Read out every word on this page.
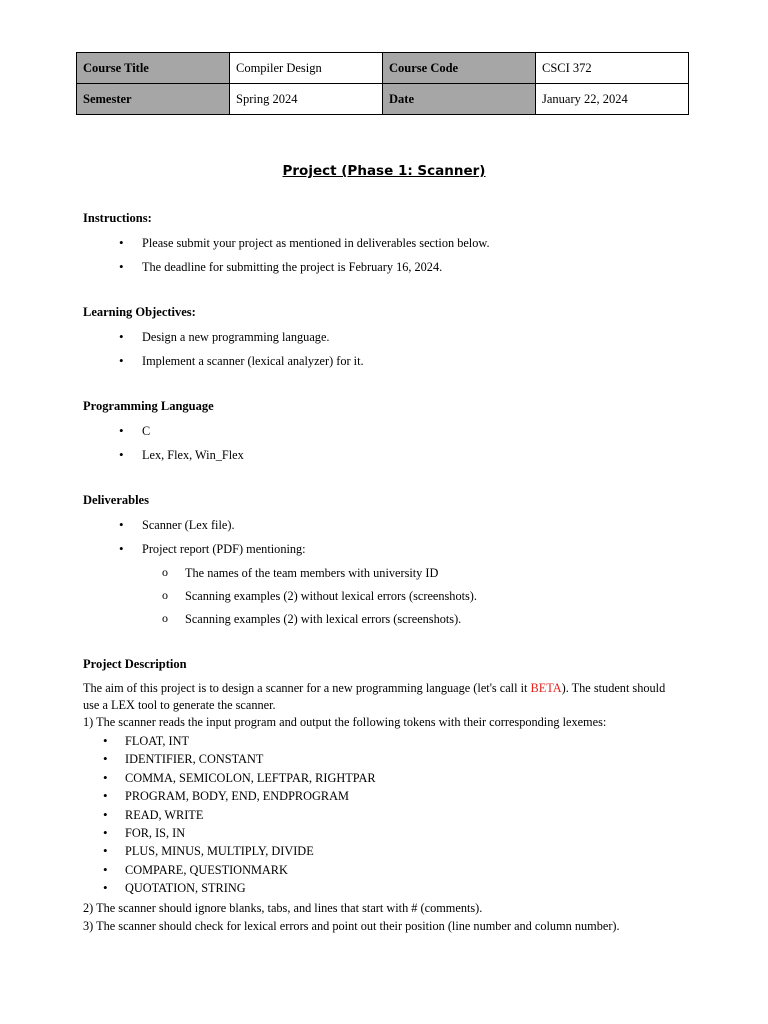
Course Title	Compiler Design	Course Code	CSCI 372
Semester	Spring 2024	Date	January 22, 2024
Project (Phase 1: Scanner)
Instructions:
• Please submit your project as mentioned in deliverables section below.
• The deadline for submitting the project is February 16, 2024.
Learning Objectives:
• Design a new programming language.
• Implement a scanner (lexical analyzer) for it.
Programming Language
• C
• Lex, Flex, Win_Flex
Deliverables
• Scanner (Lex file).
• Project report (PDF) mentioning:
o The names of the team members with university ID
o Scanning examples (2) without lexical errors (screenshots).
o Scanning examples (2) with lexical errors (screenshots).
Project Description
The aim of this project is to design a scanner for a new programming language (let's call it BETA). The student should use a LEX tool to generate the scanner.
1) The scanner reads the input program and output the following tokens with their corresponding lexemes:
• FLOAT, INT
• IDENTIFIER, CONSTANT
• COMMA, SEMICOLON, LEFTPAR, RIGHTPAR
• PROGRAM, BODY, END, ENDPROGRAM
• READ, WRITE
• FOR, IS, IN
• PLUS, MINUS, MULTIPLY, DIVIDE
• COMPARE, QUESTIONMARK
• QUOTATION, STRING
2) The scanner should ignore blanks, tabs, and lines that start with # (comments).
3) The scanner should check for lexical errors and point out their position (line number and column number).
